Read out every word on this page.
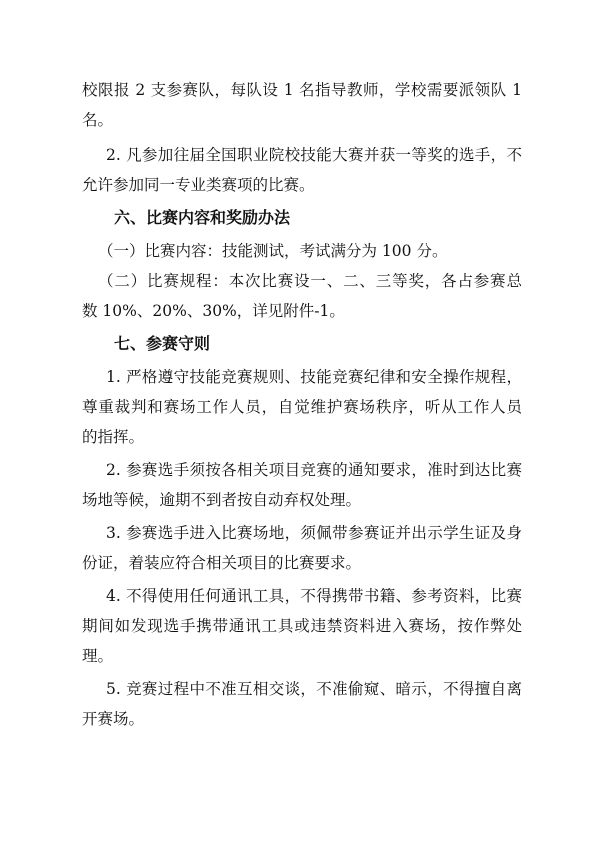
校限报 2 支参赛队，每队设 1 名指导教师，学校需要派领队 1
名。
2. 凡参加往届全国职业院校技能大赛并获一等奖的选手，不
允许参加同一专业类赛项的比赛。
六、比赛内容和奖励办法
（一）比赛内容：技能测试，考试满分为 100 分。
（二）比赛规程：本次比赛设一、二、三等奖，各占参赛总
数 10%、20%、30%，详见附件-1。
七、参赛守则
1. 严格遵守技能竞赛规则、技能竞赛纪律和安全操作规程，
尊重裁判和赛场工作人员，自觉维护赛场秩序，听从工作人员
的指挥。
2. 参赛选手须按各相关项目竞赛的通知要求，准时到达比赛
场地等候，逾期不到者按自动弃权处理。
3. 参赛选手进入比赛场地，须佩带参赛证并出示学生证及身
份证，着装应符合相关项目的比赛要求。
4. 不得使用任何通讯工具，不得携带书籍、参考资料，比赛
期间如发现选手携带通讯工具或违禁资料进入赛场，按作弊处
理。
5. 竞赛过程中不准互相交谈，不准偷窥、暗示，不得擅自离
开赛场。
